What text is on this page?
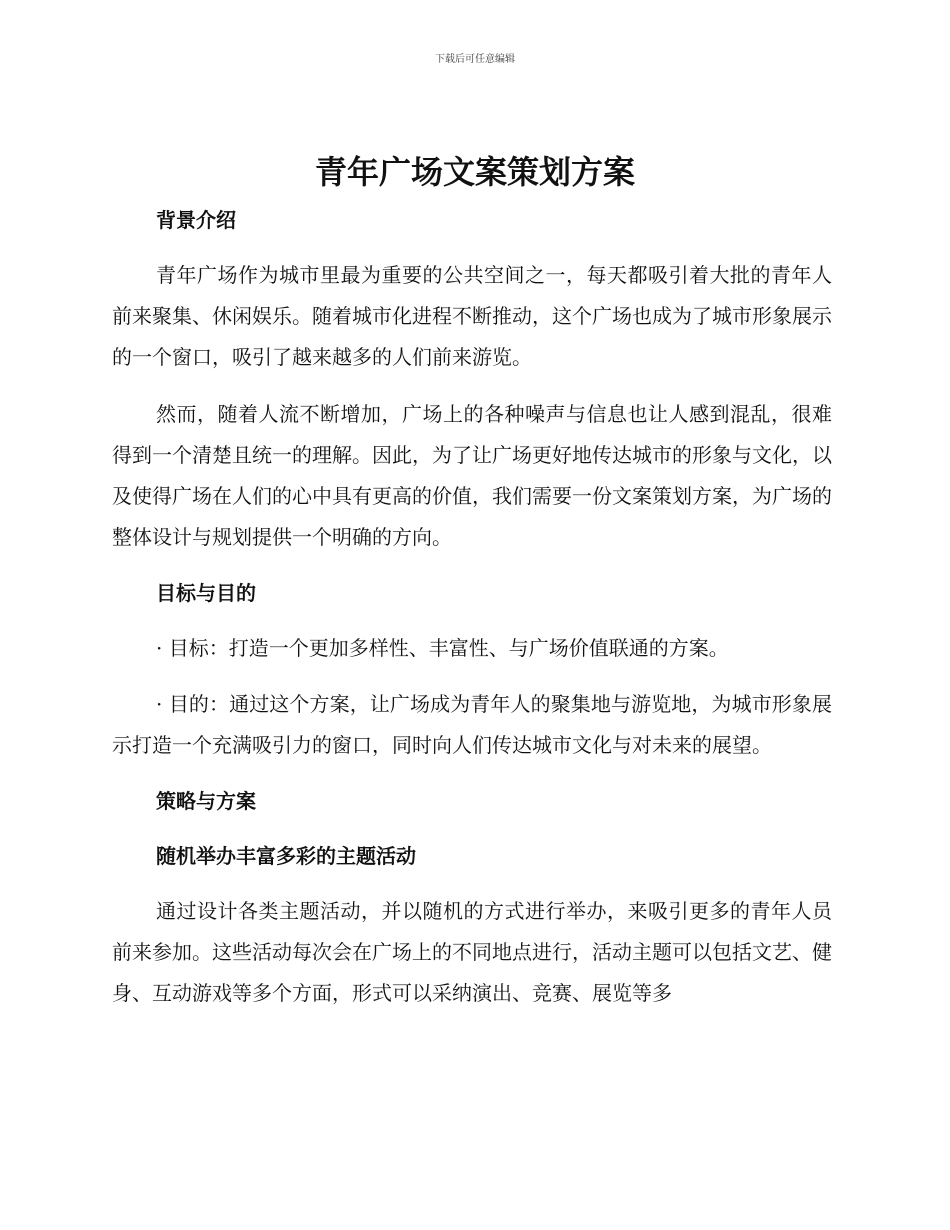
下载后可任意编辑
青年广场文案策划方案

背景介绍

青年广场作为城市里最为重要的公共空间之一，每天都吸引着大批的青年人前来聚集、休闲娱乐。随着城市化进程不断推动，这个广场也成为了城市形象展示的一个窗口，吸引了越来越多的人们前来游览。

然而，随着人流不断增加，广场上的各种噪声与信息也让人感到混乱，很难得到一个清楚且统一的理解。因此，为了让广场更好地传达城市的形象与文化，以及使得广场在人们的心中具有更高的价值，我们需要一份文案策划方案，为广场的整体设计与规划提供一个明确的方向。

目标与目的

· 目标：打造一个更加多样性、丰富性、与广场价值联通的方案。

· 目的：通过这个方案，让广场成为青年人的聚集地与游览地，为城市形象展示打造一个充满吸引力的窗口，同时向人们传达城市文化与对未来的展望。

策略与方案

随机举办丰富多彩的主题活动

通过设计各类主题活动，并以随机的方式进行举办，来吸引更多的青年人员前来参加。这些活动每次会在广场上的不同地点进行，活动主题可以包括文艺、健身、互动游戏等多个方面，形式可以采纳演出、竞赛、展览等多
